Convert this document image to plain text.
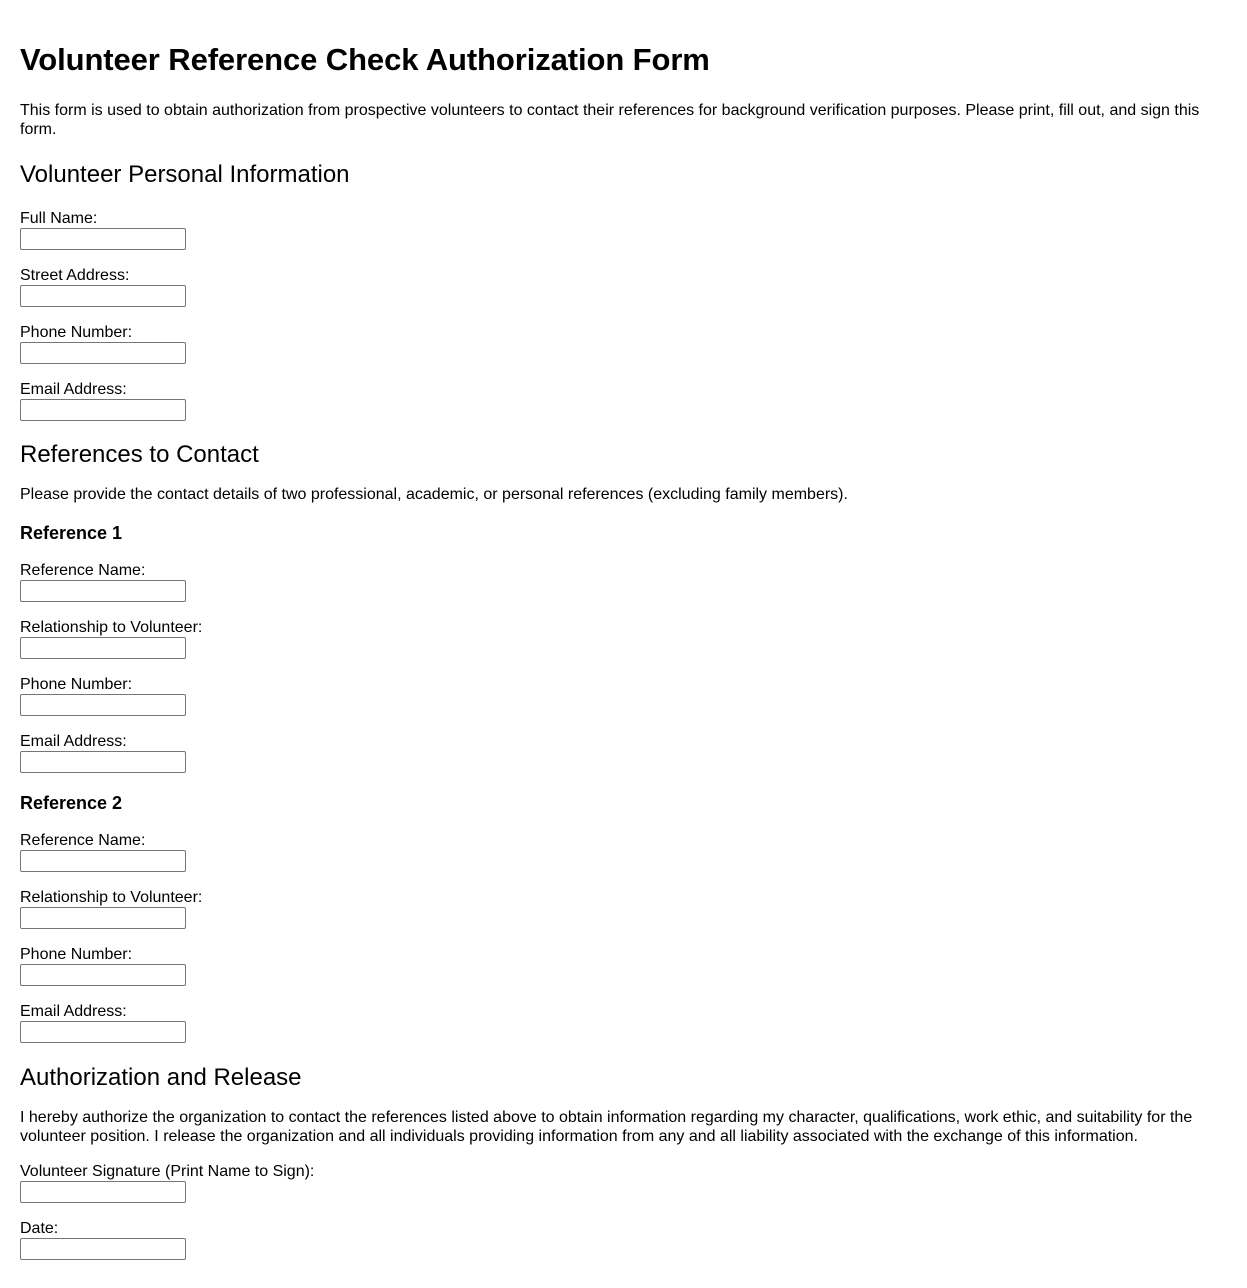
Volunteer Reference Check Authorization Form

This form is used to obtain authorization from prospective volunteers to contact their references for background verification purposes. Please print, fill out, and sign this form.

Volunteer Personal Information
Full Name:
Street Address:
Phone Number:
Email Address:
References to Contact

Please provide the contact details of two professional, academic, or personal references (excluding family members).

Reference 1
Reference Name:
Relationship to Volunteer:
Phone Number:
Email Address:
Reference 2
Reference Name:
Relationship to Volunteer:
Phone Number:
Email Address:
Authorization and Release

I hereby authorize the organization to contact the references listed above to obtain information regarding my character, qualifications, work ethic, and suitability for the volunteer position. I release the organization and all individuals providing information from any and all liability associated with the exchange of this information.

Volunteer Signature (Print Name to Sign):
Date:
